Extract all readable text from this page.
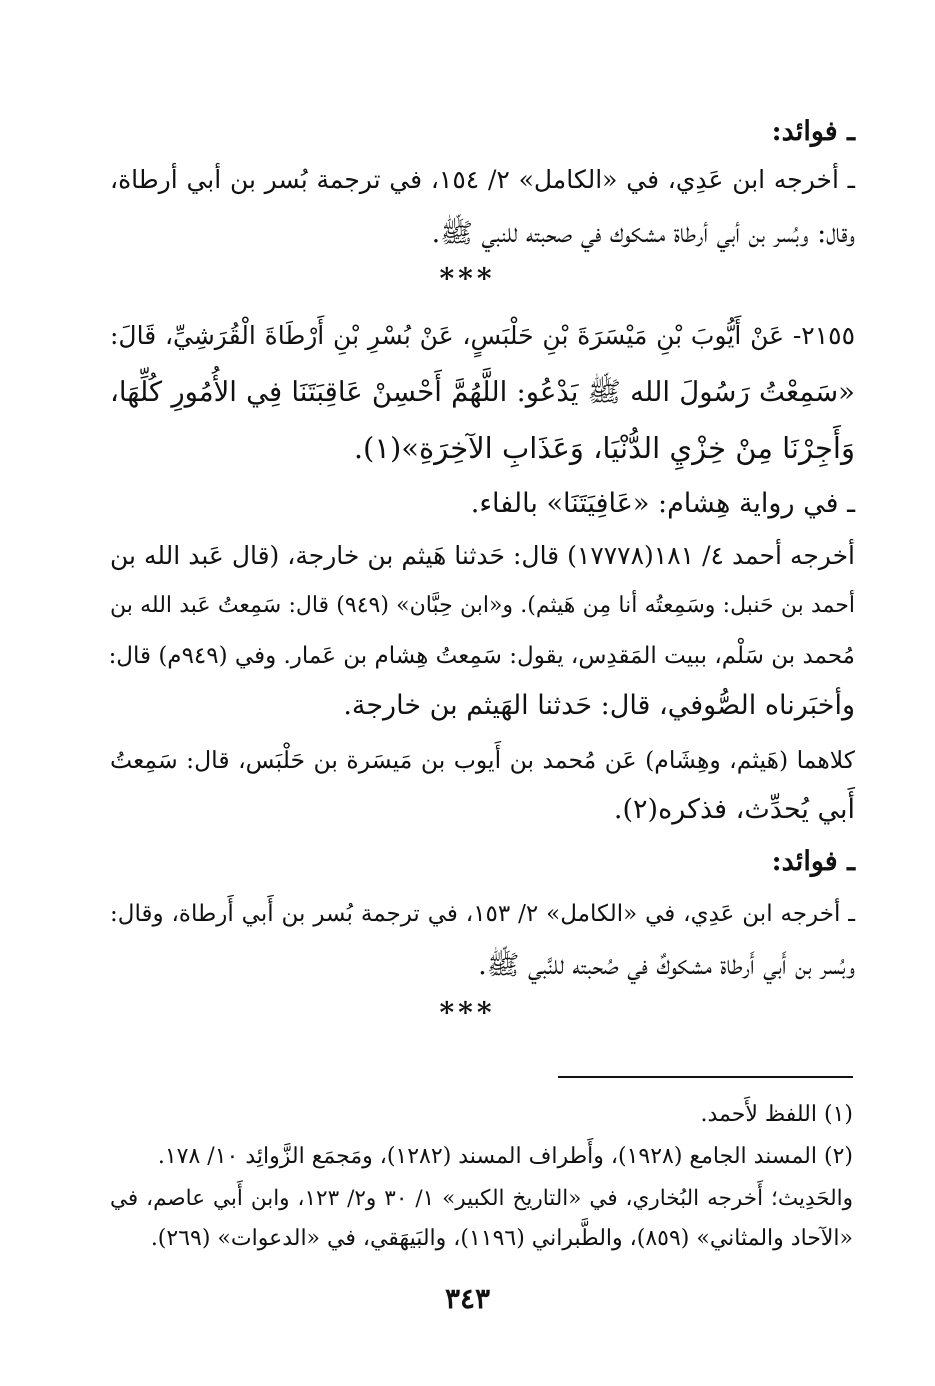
ـ فوائد:
ـ أخرجه ابن عَدِي، في «الكامل» ٢/ ١٥٤، في ترجمة بُسر بن أبي أرطاة،
وقال: وبُسر بن أبي أرطاة مشكوك في صحبته للنبي ﷺ.
***
٢١٥٥- عَنْ أَيُّوبَ بْنِ مَيْسَرَةَ بْنِ حَلْبَسٍ، عَنْ بُسْرِ بْنِ أَرْطَاةَ الْقُرَشِيِّ، قَالَ:
«سَمِعْتُ رَسُولَ الله ﷺ يَدْعُو: اللَّهُمَّ أَحْسِنْ عَاقِبَتَنَا فِي الأُمُورِ كُلِّهَا،
وَأَجِرْنَا مِنْ خِزْيِ الدُّنْيَا، وَعَذَابِ الآخِرَةِ»(١).
ـ في رواية هِشام: «عَافِيَتَنَا» بالفاء.
أخرجه أحمد ٤/ ١٨١(١٧٧٧٨) قال: حَدثنا هَيثم بن خارجة، (قال عَبد الله بن
أحمد بن حَنبل: وسَمِعتُه أنا مِن هَيثم). و«ابن حِبَّان» (٩٤٩) قال: سَمِعتُ عَبد الله بن
مُحمد بن سَلْم، ببيت المَقدِس، يقول: سَمِعتُ هِشام بن عَمار. وفي (٩٤٩م) قال:
وأخبَرناه الصُّوفي، قال: حَدثنا الهَيثم بن خارجة.
كلاهما (هَيثم، وهِشَام) عَن مُحمد بن أَيوب بن مَيسَرة بن حَلْبَس، قال: سَمِعتُ
أَبي يُحدِّث، فذكره(٢).
ـ فوائد:
ـ أخرجه ابن عَدِي، في «الكامل» ٢/ ١٥٣، في ترجمة بُسر بن أَبي أَرطاة، وقال:
وبُسر بن أَبي أَرطاة مشكوكٌ في صُحبته للنَّبي ﷺ.
***
(١) اللفظ لأَحمد.
(٢) المسند الجامع (١٩٢٨)، وأَطراف المسند (١٢٨٢)، ومَجمَع الزَّوائِد ١٠/ ١٧٨.
والحَدِيث؛ أَخرجه البُخاري، في «التاريخ الكبير» ١/ ٣٠ و٢/ ١٢٣، وابن أَبي عاصم، في
«الآحاد والمثاني» (٨٥٩)، والطَّبراني (١١٩٦)، والبَيهَقي، في «الدعوات» (٢٦٩).
٣٤٣
